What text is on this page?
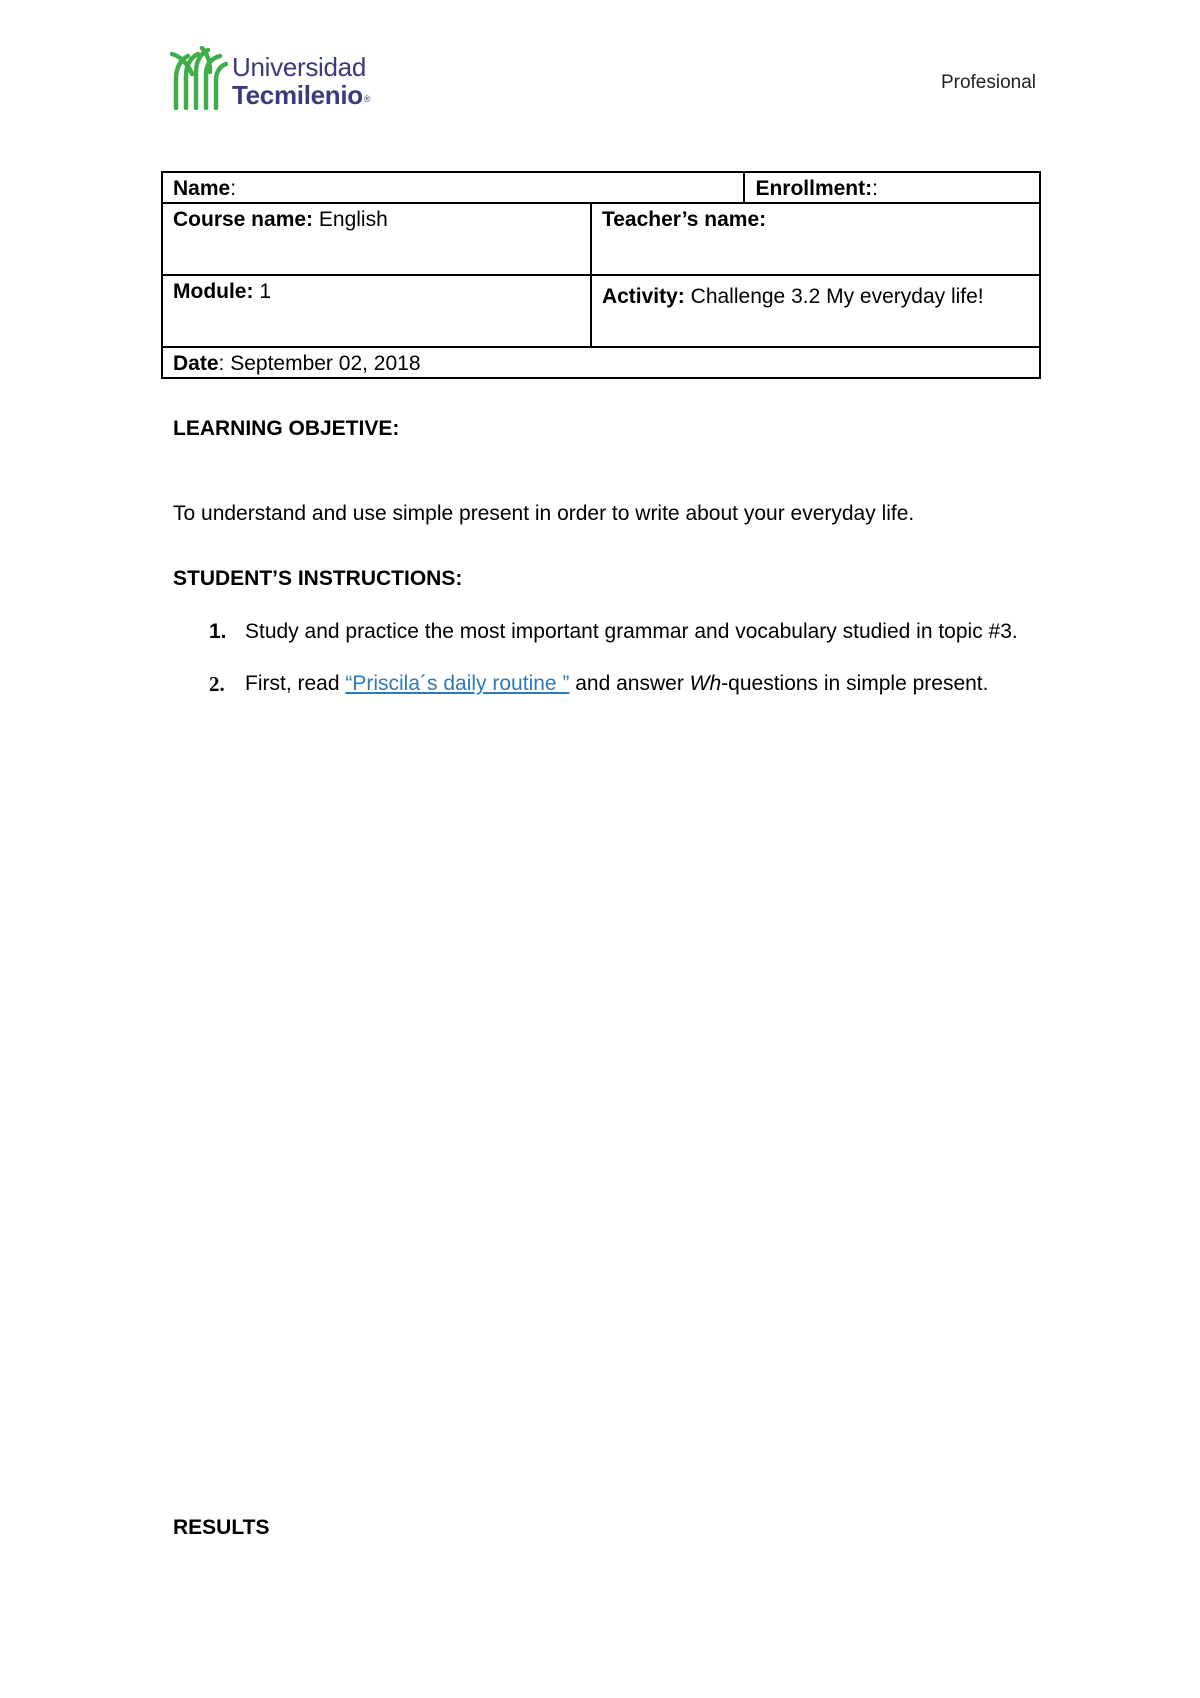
Universidad
Tecmilenio®
Profesional
Name:		Enrollment::
Course name: English	Teacher’s name:	
Module: 1	Activity: Challenge 3.2 My everyday life!	
Date: September 02, 2018		
LEARNING OBJETIVE:
To understand and use simple present in order to write about your everyday life.
STUDENT’S INSTRUCTIONS:
1. Study and practice the most important grammar and vocabulary studied in topic #3.
2. First, read “Priscila´s daily routine ” and answer Wh-questions in simple present.
RESULTS
